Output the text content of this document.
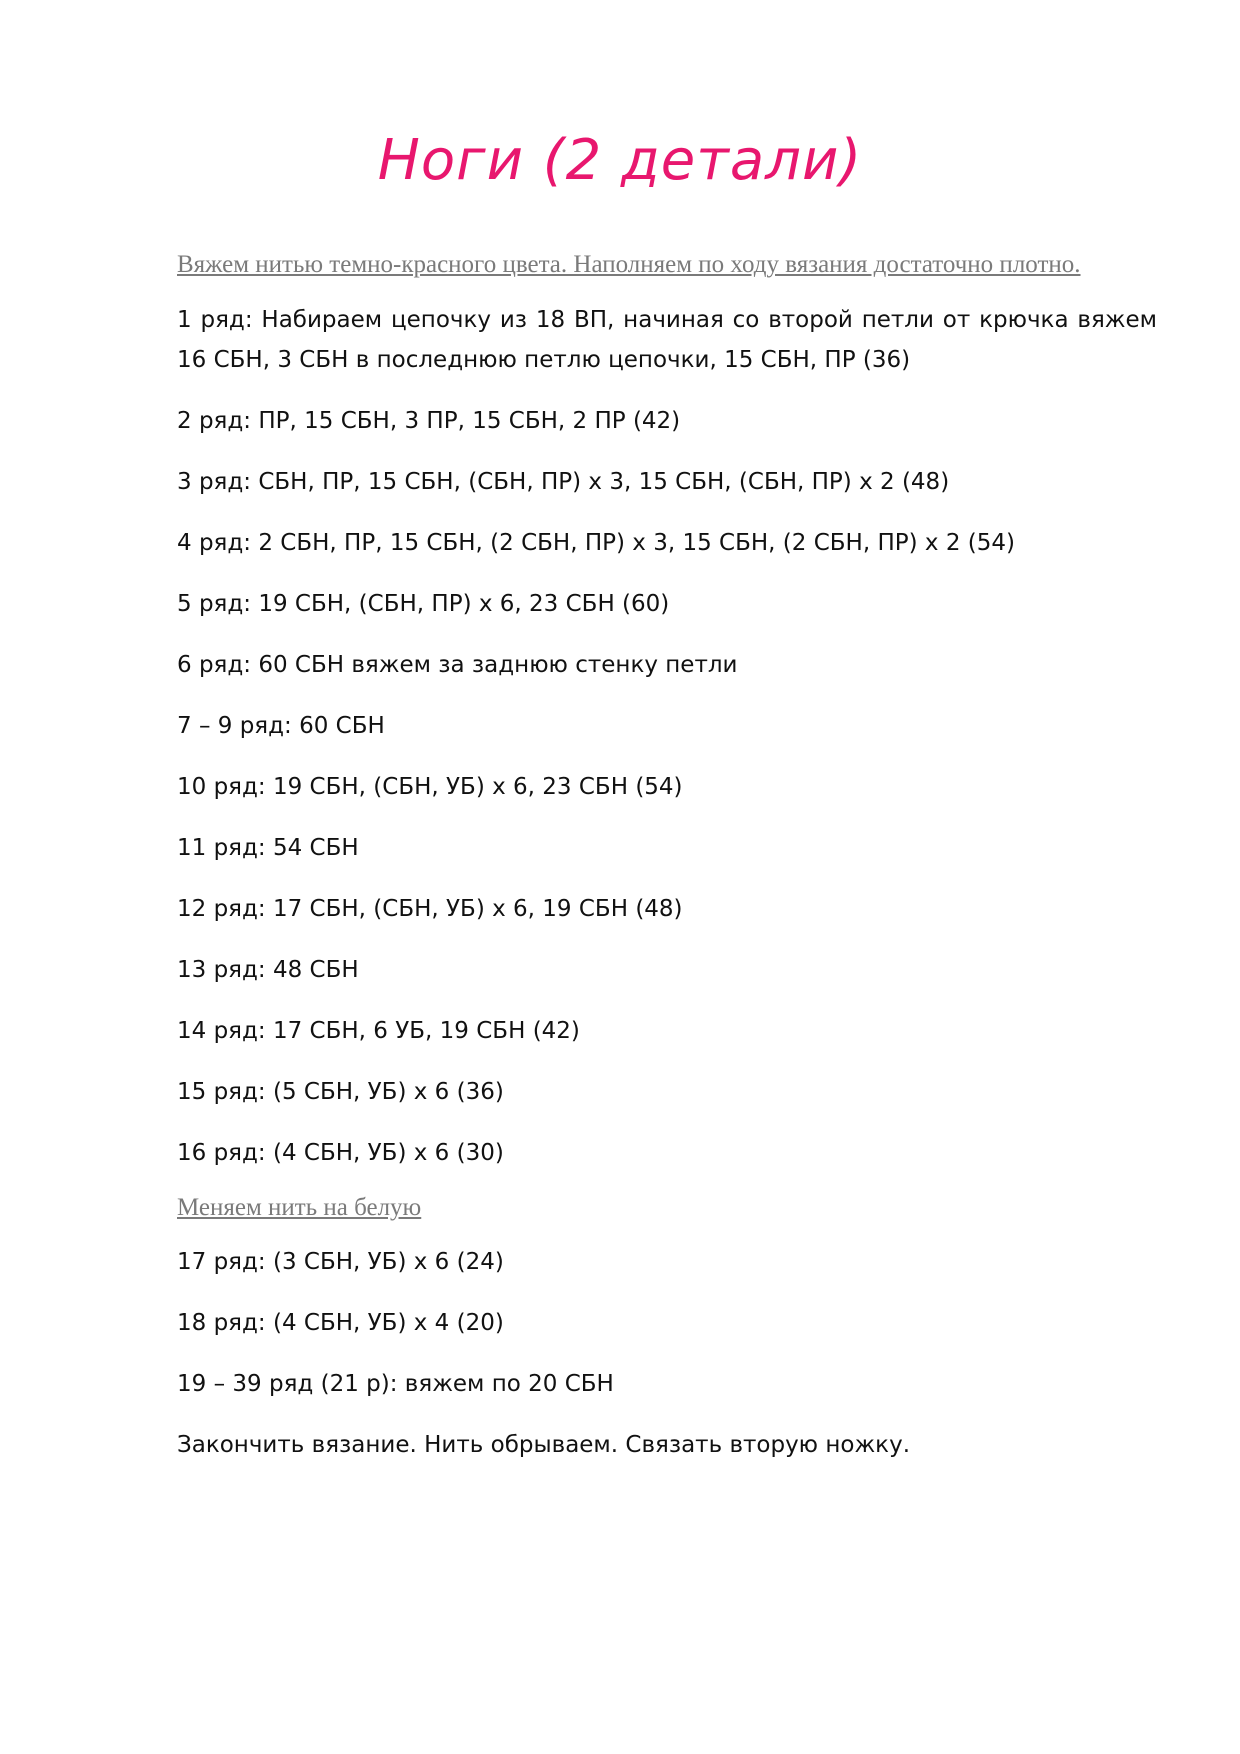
Ноги (2 детали)

Вяжем нитью темно-красного цвета. Наполняем по ходу вязания достаточно плотно.

1 ряд: Набираем цепочку из 18 ВП, начиная со второй петли от крючка вяжем 16 СБН, 3 СБН в последнюю петлю цепочки, 15 СБН, ПР (36)

2 ряд: ПР, 15 СБН, 3 ПР, 15 СБН, 2 ПР (42)

3 ряд: СБН, ПР, 15 СБН, (СБН, ПР) х 3, 15 СБН, (СБН, ПР) х 2 (48)

4 ряд: 2 СБН, ПР, 15 СБН, (2 СБН, ПР) х 3, 15 СБН, (2 СБН, ПР) х 2 (54)

5 ряд: 19 СБН, (СБН, ПР) х 6, 23 СБН (60)

6 ряд: 60 СБН вяжем за заднюю стенку петли

7 – 9 ряд: 60 СБН

10 ряд: 19 СБН, (СБН, УБ) х 6, 23 СБН (54)

11 ряд: 54 СБН

12 ряд: 17 СБН, (СБН, УБ) х 6, 19 СБН (48)

13 ряд: 48 СБН

14 ряд: 17 СБН, 6 УБ, 19 СБН (42)

15 ряд: (5 СБН, УБ) х 6 (36)

16 ряд: (4 СБН, УБ) х 6 (30)

Меняем нить на белую

17 ряд: (3 СБН, УБ) х 6 (24)

18 ряд: (4 СБН, УБ) х 4 (20)

19 – 39 ряд (21 р): вяжем по 20 СБН

Закончить вязание. Нить обрываем. Связать вторую ножку.
